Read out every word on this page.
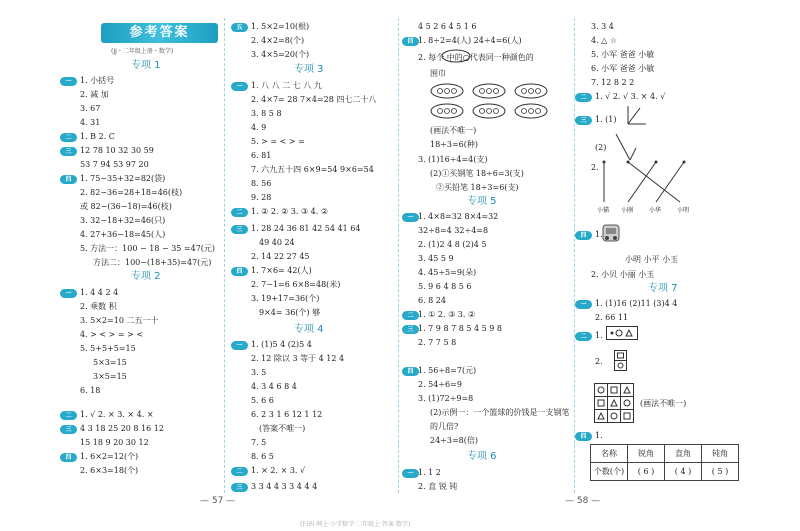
参考答案
(JJ・二年级上册・数学)
专项 1
一	1. 小括号
2. 减 加
3. 67
4. 31
二	1. B 2. C
三	12 78 10 32 30 59
53 7 94 53 97 20
四	1. 75−35+32=82(袋)
2. 82−36=28+18=46(枝)
或 82−(36−18)=46(枝)
3. 32−18+32=46(只)
4. 27+36−18=45(人)
5. 方法一：100 − 18 − 35 =47(元)
方法二：100−(18+35)=47(元)
专项 2
一	1. 4 4 2 4
2. 乘数 积
3. 5×2=10 二五一十
4. > < > = > <
5. 5+5+5=15
5×3=15
3×5=15
6. 18
二	1. √ 2. × 3. × 4. ×
三	4 3 18 25 20 8 16 12
15 18 9 20 30 12
四	1. 6×2=12(个)
2. 6×3=18(个)
— 57 —
五	1. 5×2=10(根)
2. 4×2=8(个)
3. 4×5=20(个)
专项 3
一	1. 八 八 二 七 八 九
2. 4×7= 28 7×4=28 四七二十八
3. 8 5 8
4. 9
5. > = < > =
6. 81
7. 六九五十四 6×9=54 9×6=54
8. 56
9. 28
二	1. ② 2. ② 3. ③ 4. ②
三	1. 28 24 36 81 42 54 41 64
49 40 24
2. 14 22 27 45
四	1. 7×6= 42(人)
2. 7−1=6 6×8=48(米)
3. 19+17=36(个)
9×4= 36(个) 够
专项 4
一	1. (1)5 4 (2)5 4
2. 12 除以 3 等于 4 12 4
3. 5
4. 3 4 6 8 4
5. 6 6
6. 2 3 1 6 12 1 12
(答案不唯一)
7. 5
8. 6 5
二	1. × 2. × 3. √
三	3 3 4 4 3 3 4 4 4
4 5 2 6 4 5 1 6
四 1. 8÷2=4(人) 24÷4=6(人)
2. 每个 中的○代表同一种颜色的
围巾
(画法不唯一)
18÷3=6(种)
3. (1)16÷4=4(支)
(2)①买钢笔 18÷6=3(支)
②买铅笔 18÷3=6(支)
专项 5
一 1. 4×8=32 8×4=32
32÷8=4 32÷4=8
2. (1)2 4 8 (2)4 5
3. 45 5 9
4. 45÷5=9(朵)
5. 9 6 4 8 5 6
6. 8 24
二 1. ① 2. ③ 3. ②
三 1. 7 9 8 7 8 5 4 5 9 8
2. 7 7 5 8
四 1. 56÷8=7(元)
2. 54÷6=9
3. (1)72÷9=8
(2)示例一：一个篮球的价钱是一支钢笔
的几倍?
24÷3=8(倍)
专项 6
一 1. 1 2
2. 直 锐 钝
— 58 —
3. 3 4
4. △ ☆
5. 小军 爸爸 小敏
6. 小军 爸爸 小敏
7. 12 8 2 2
二	1. √ 2. √ 3. × 4. √
三	1. (1)
(2)
2.
小猫 小刚	小华	小明
四	1.
小明 小平 小玉
2. 小贝 小丽 小玉
专项 7
一	1. (1)16 (2)11 (3)4 4
2. 66 11
二	1.
2.
(画法不唯一)
四	1.
名称	锐角	直角	钝角
个数(个)	( 6 )	( 4 )	( 5 )
(扫码·网上·小学数学·二年级上·答案·数学)
